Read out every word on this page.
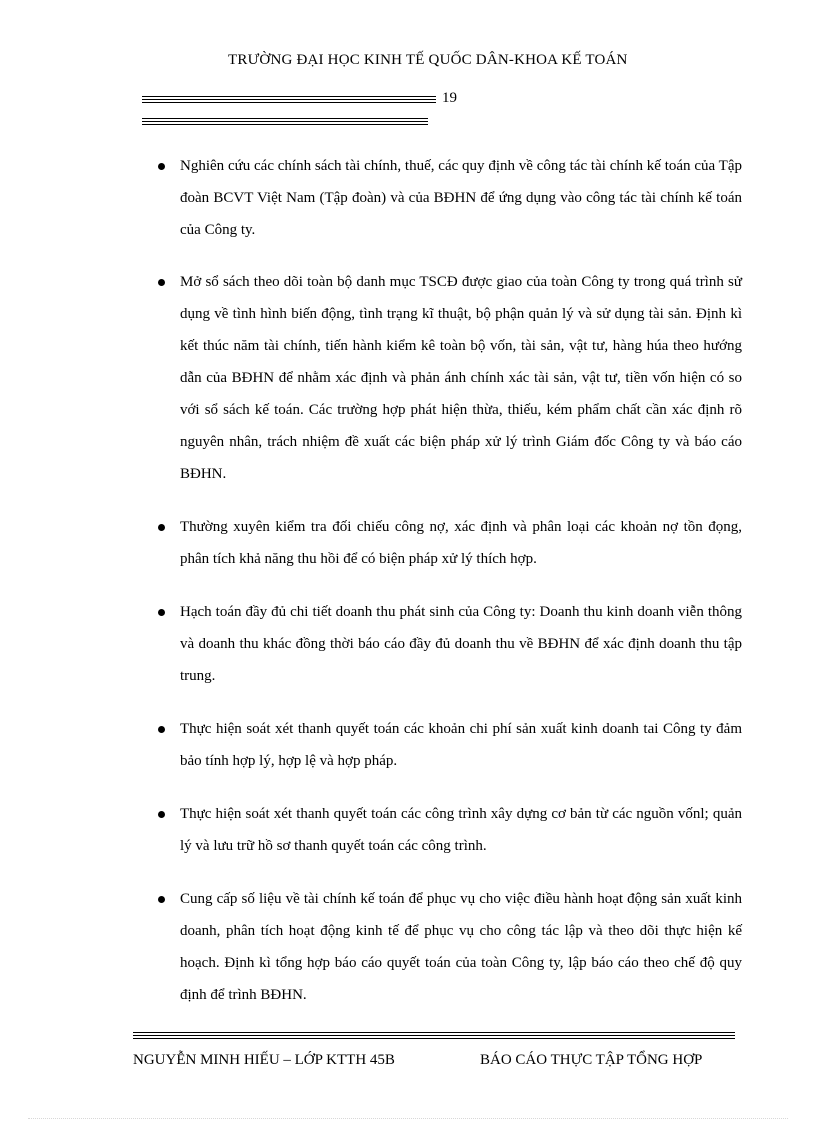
TRƯỜNG ĐẠI HỌC KINH TẾ QUỐC DÂN-KHOA KẾ TOÁN
19
Nghiên cứu các chính sách tài chính, thuế, các quy định về công tác tài chính kế toán của Tập đoàn BCVT Việt Nam (Tập đoàn) và của BĐHN để ứng dụng vào công tác tài chính kế toán của Công ty.
Mở sổ sách theo dõi toàn bộ danh mục TSCĐ được giao của toàn Công ty trong quá trình sử dụng về tình hình biến động, tình trạng kĩ thuật, bộ phận quản lý và sử dụng tài sản. Định kì kết thúc năm tài chính, tiến hành kiểm kê toàn bộ vốn, tài sản, vật tư, hàng húa theo hướng dẫn của BĐHN để nhằm xác định và phản ánh chính xác tài sản, vật tư, tiền vốn hiện có so với sổ sách kế toán. Các trường hợp phát hiện thừa, thiếu, kém phẩm chất cần xác định rõ nguyên nhân, trách nhiệm đề xuất các biện pháp xử lý trình Giám đốc Công ty và báo cáo BĐHN.
Thường xuyên kiểm tra đối chiếu công nợ, xác định và phân loại các khoản nợ tồn đọng, phân tích khả năng thu hồi để có biện pháp xử lý thích hợp.
Hạch toán đầy đủ chi tiết doanh thu phát sinh của Công ty: Doanh thu kinh doanh viễn thông và doanh thu khác đồng thời báo cáo đầy đủ doanh thu về BĐHN để xác định doanh thu tập trung.
Thực hiện soát xét thanh quyết toán các khoản chi phí sản xuất kinh doanh tai Công ty đảm bảo tính hợp lý, hợp lệ và hợp pháp.
Thực hiện soát xét thanh quyết toán các công trình xây dựng cơ bản từ các nguồn vốnl; quản lý và lưu trữ hồ sơ thanh quyết toán các công trình.
Cung cấp số liệu về tài chính kế toán để phục vụ cho việc điều hành hoạt động sản xuất kinh doanh, phân tích hoạt động kinh tế để phục vụ cho công tác lập và theo dõi thực hiện kế hoạch. Định kì tổng hợp báo cáo quyết toán của toàn Công ty, lập báo cáo theo chế độ quy định để trình BĐHN.
NGUYỄN MINH HIẾU – LỚP KTTH 45B	BÁO CÁO THỰC TẬP TỔNG HỢP
